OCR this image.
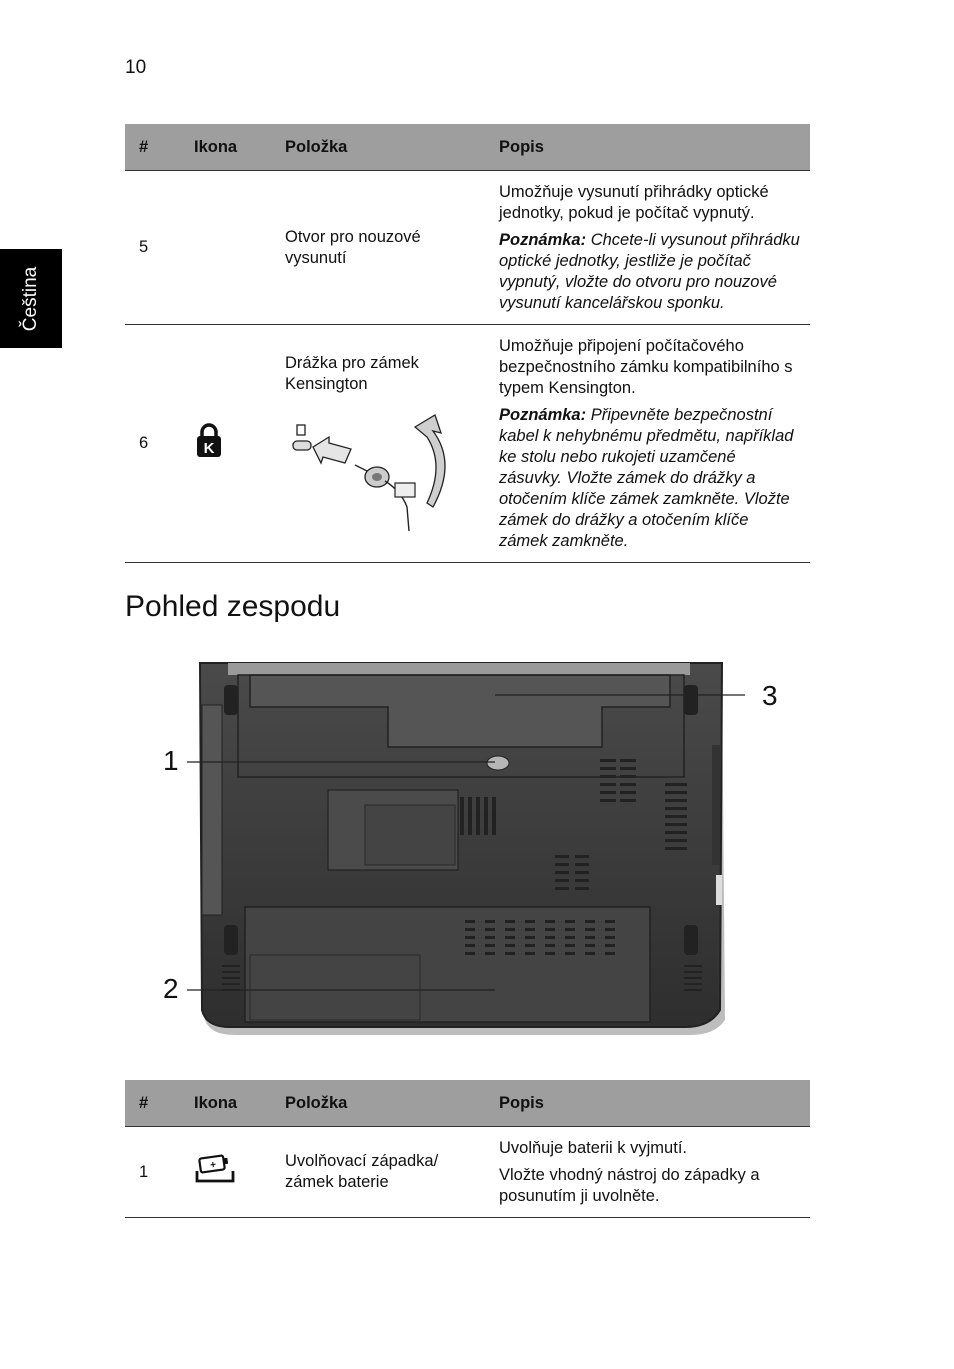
10
Čeština
#	Ikona	Položka	Popis
5		Otvor pro nouzové vysunutí	Umožňuje vysunutí přihrádky optické jednotky, pokud je počítač vypnutý.

Poznámka: Chcete-li vysunout přihrádku optické jednotky, jestliže je počítač vypnutý, vložte do otvoru pro nouzové vysunutí kancelářskou sponku.

6	K	Drážka pro zámek Kensington	Umožňuje připojení počítačového bezpečnostního zámku kompatibilního s typem Kensington.

Poznámka: Připevněte bezpečnostní kabel k nehybnému předmětu, například ke stolu nebo rukojeti uzamčené zásuvky. Vložte zámek do drážky a otočením klíče zámek zamkněte. Vložte zámek do drážky a otočením klíče zámek zamkněte.

Pohled zespodu
1
2
3
#	Ikona	Položka	Popis
1	+	Uvolňovací západka/ zámek baterie	Uvolňuje baterii k vyjmutí.

Vložte vhodný nástroj do západky a posunutím ji uvolněte.
